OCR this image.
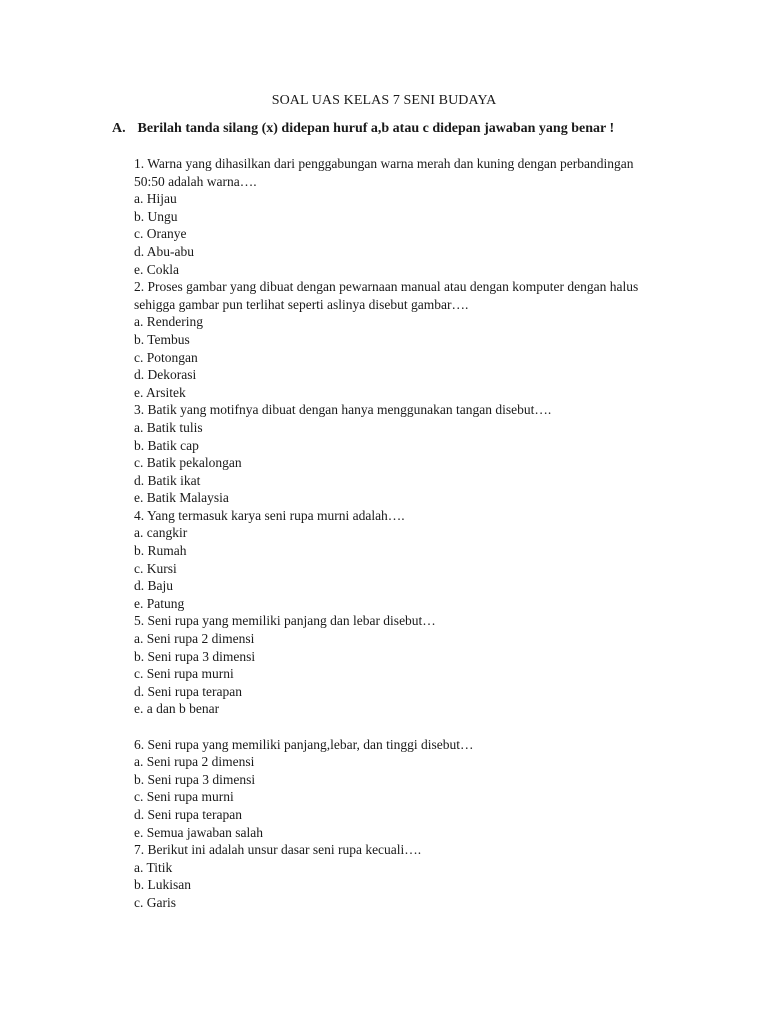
SOAL UAS KELAS 7 SENI BUDAYA
A. Berilah tanda silang (x) didepan huruf a,b atau c didepan jawaban yang benar !
1. Warna yang dihasilkan dari penggabungan warna merah dan kuning dengan perbandingan
50:50 adalah warna….
a. Hijau
b. Ungu
c. Oranye
d. Abu-abu
e. Cokla
2. Proses gambar yang dibuat dengan pewarnaan manual atau dengan komputer dengan halus
sehigga gambar pun terlihat seperti aslinya disebut gambar….
a. Rendering
b. Tembus
c. Potongan
d. Dekorasi
e. Arsitek
3. Batik yang motifnya dibuat dengan hanya menggunakan tangan disebut….
a. Batik tulis
b. Batik cap
c. Batik pekalongan
d. Batik ikat
e. Batik Malaysia
4. Yang termasuk karya seni rupa murni adalah….
a. cangkir
b. Rumah
c. Kursi
d. Baju
e. Patung
5. Seni rupa yang memiliki panjang dan lebar disebut…
a. Seni rupa 2 dimensi
b. Seni rupa 3 dimensi
c. Seni rupa murni
d. Seni rupa terapan
e. a dan b benar
6. Seni rupa yang memiliki panjang,lebar, dan tinggi disebut…
a. Seni rupa 2 dimensi
b. Seni rupa 3 dimensi
c. Seni rupa murni
d. Seni rupa terapan
e. Semua jawaban salah
7. Berikut ini adalah unsur dasar seni rupa kecuali….
a. Titik
b. Lukisan
c. Garis
